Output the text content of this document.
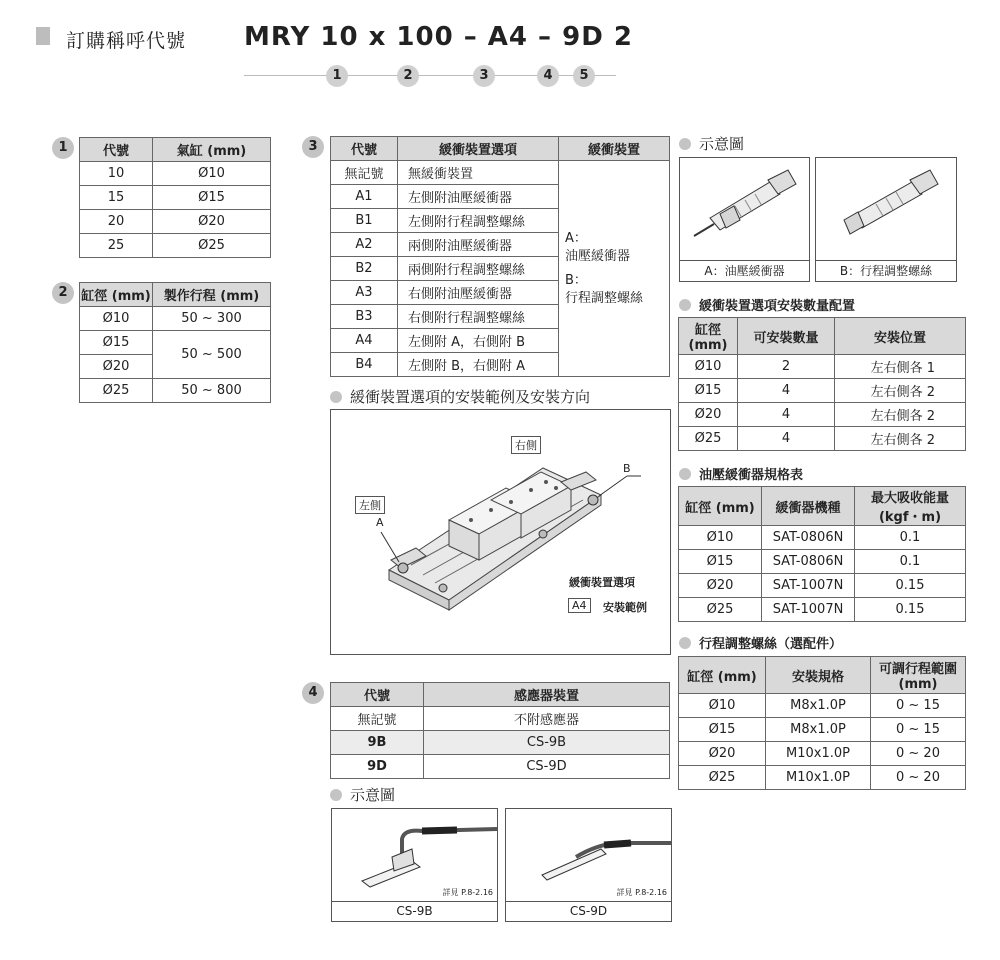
訂購稱呼代號 MRY 10 x 100 – A4 – 9D 2
1	2	3	4	5
1	代號	氣缸 (mm)
10	Ø10
15	Ø15
20	Ø20
25	Ø25
2	缸徑 (mm)	製作行程 (mm)
Ø10	50 ~ 300
Ø15	50 ~ 500
Ø20	
Ø25	50 ~ 800
3	代號	緩衝裝置選項	緩衝裝置
無記號	無緩衝裝置	A：
油壓緩衝器
B：
行程調整螺絲

A1	左側附油壓緩衝器	
B1	左側附行程調整螺絲	
A2	兩側附油壓緩衝器	
B2	兩側附行程調整螺絲	
A3	右側附油壓緩衝器	
B3	右側附行程調整螺絲	
A4	左側附 A，右側附 B	
B4	左側附 B，右側附 A	
緩衝裝置選項的安裝範例及安裝方向
右側
左側
A
B
緩衝裝置選項
A4	安裝範例
4	代號	感應器裝置
無記號	不附感應器
9B	CS-9B
9D	CS-9D
示意圖
詳見 P.8-2.16
CS-9B
詳見 P.8-2.16
CS-9D
示意圖
A：油壓緩衝器	B：行程調整螺絲
緩衝裝置選項安裝數量配置
缸徑 (mm)	可安裝數量	安裝位置
Ø10	2	左右側各 1
Ø15	4	左右側各 2
Ø20	4	左右側各 2
Ø25	4	左右側各 2
油壓緩衝器規格表
缸徑 (mm)	緩衝器機種	最大吸收能量 (kgf・m)
Ø10	SAT-0806N	0.1
Ø15	SAT-0806N	0.1
Ø20	SAT-1007N	0.15
Ø25	SAT-1007N	0.15
行程調整螺絲（選配件）
缸徑 (mm)	安裝規格	可調行程範圍 (mm)
Ø10	M8x1.0P	0 ~ 15
Ø15	M8x1.0P	0 ~ 15
Ø20	M10x1.0P	0 ~ 20
Ø25	M10x1.0P	0 ~ 20
